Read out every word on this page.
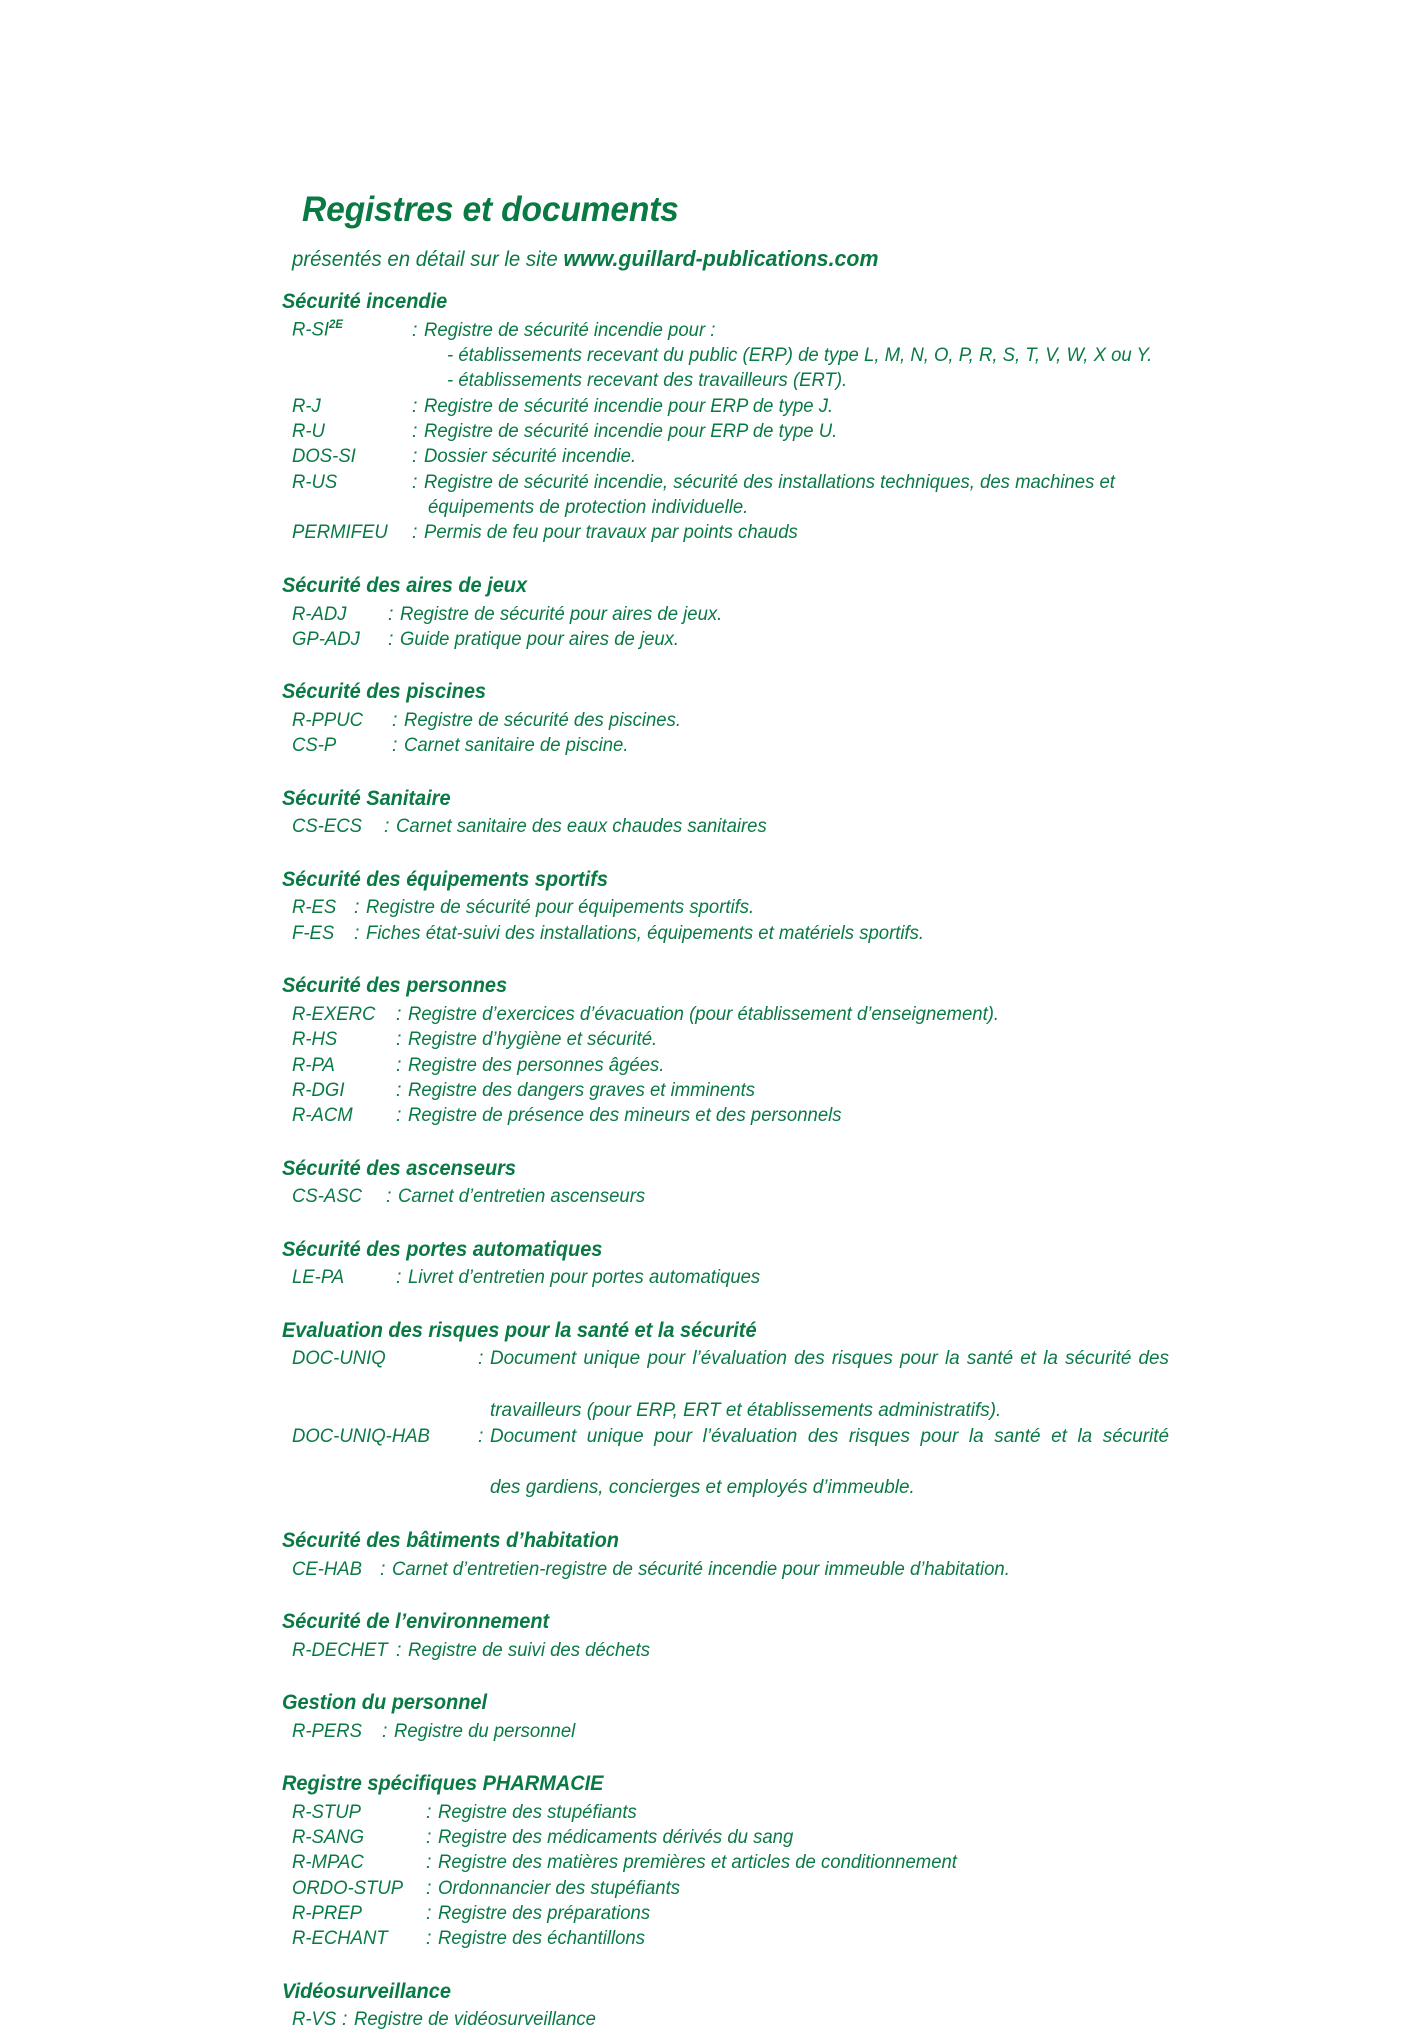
Registres et documents
présentés en détail sur le site www.guillard-publications.com
Sécurité incendie
$R-SI^{2E}$	: Registre de sécurité incendie pour :
- établissements recevant du public (ERP) de type L, M, N, O, P, R, S, T, V, W, X ou Y.
- établissements recevant des travailleurs (ERT).
R-J	: Registre de sécurité incendie pour ERP de type J.
R-U	: Registre de sécurité incendie pour ERP de type U.
DOS-SI	: Dossier sécurité incendie.
R-US	: Registre de sécurité incendie, sécurité des installations techniques, des machines et
équipements de protection individuelle.
PERMIFEU	: Permis de feu pour travaux par points chauds
Sécurité des aires de jeux
R-ADJ	: Registre de sécurité pour aires de jeux.
GP-ADJ	: Guide pratique pour aires de jeux.
Sécurité des piscines
R-PPUC	: Registre de sécurité des piscines.
CS-P	: Carnet sanitaire de piscine.
Sécurité Sanitaire
CS-ECS	: Carnet sanitaire des eaux chaudes sanitaires
Sécurité des équipements sportifs
R-ES : Registre de sécurité pour équipements sportifs.
F-ES	: Fiches état-suivi des installations, équipements et matériels sportifs.
Sécurité des personnes
R-EXERC	: Registre d’exercices d’évacuation (pour établissement d’enseignement).
R-HS	: Registre d’hygiène et sécurité.
R-PA	: Registre des personnes âgées.
R-DGI	: Registre des dangers graves et imminents
R-ACM	: Registre de présence des mineurs et des personnels
Sécurité des ascenseurs
CS-ASC	: Carnet d’entretien ascenseurs
Sécurité des portes automatiques
LE-PA	: Livret d’entretien pour portes automatiques
Evaluation des risques pour la santé et la sécurité
DOC-UNIQ	: Document unique pour l’évaluation des risques pour la santé et la sécurité des
travailleurs (pour ERP, ERT et établissements administratifs).
DOC-UNIQ-HAB	: Document unique pour l’évaluation des risques pour la santé et la sécurité
des gardiens, concierges et employés d’immeuble.
Sécurité des bâtiments d’habitation
CE-HAB : Carnet d’entretien-registre de sécurité incendie pour immeuble d’habitation.
Sécurité de l’environnement
R-DECHET : Registre de suivi des déchets
Gestion du personnel
R-PERS	: Registre du personnel
Registre spécifiques PHARMACIE
R-STUP	: Registre des stupéfiants
R-SANG	: Registre des médicaments dérivés du sang
R-MPAC	: Registre des matières premières et articles de conditionnement
ORDO-STUP	: Ordonnancier des stupéfiants
R-PREP	: Registre des préparations
R-ECHANT	: Registre des échantillons
Vidéosurveillance
R-VS : Registre de vidéosurveillance
